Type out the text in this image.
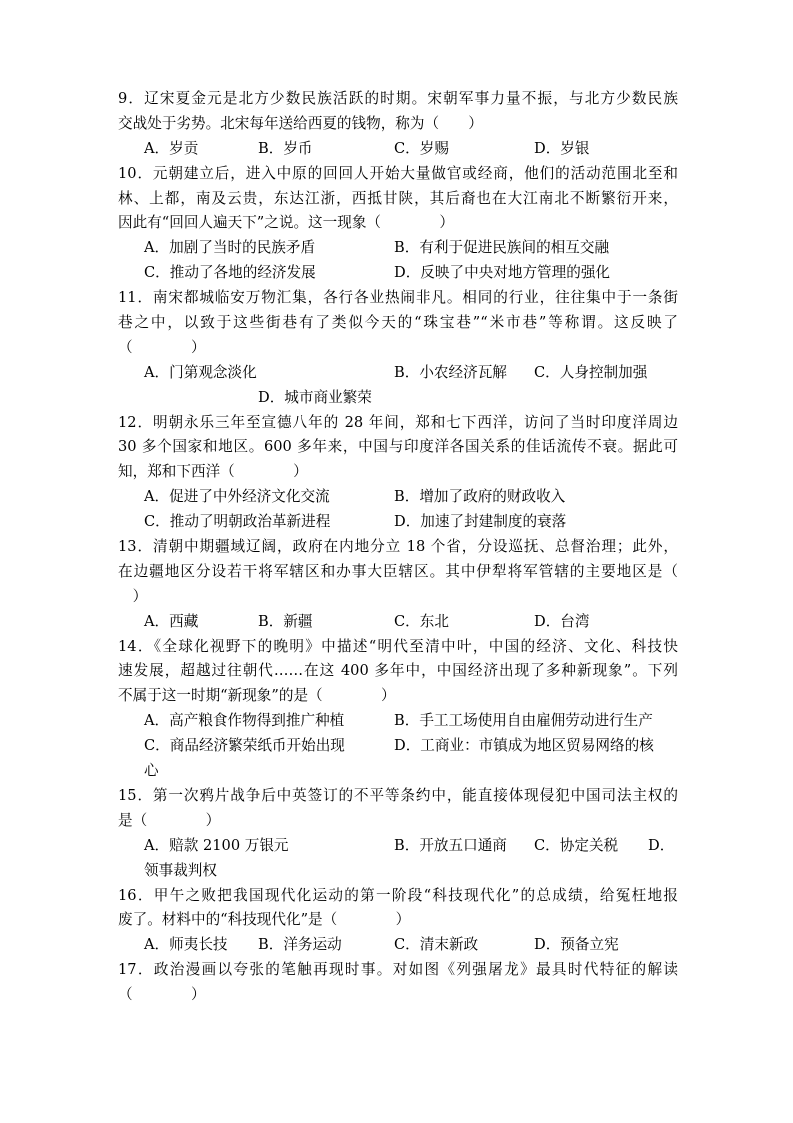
9．辽宋夏金元是北方少数民族活跃的时期。宋朝军事力量不振，与北方少数民族
交战处于劣势。北宋每年送给西夏的钱物，称为（　　）
A．岁贡	B．岁币	C．岁赐	D．岁银
10．元朝建立后，进入中原的回回人开始大量做官或经商，他们的活动范围北至和
林、上都，南及云贵，东达江浙，西抵甘陕，其后裔也在大江南北不断繁衍开来，
因此有“回回人遍天下”之说。这一现象（　　　　）
A．加剧了当时的民族矛盾	B．有利于促进民族间的相互交融
C．推动了各地的经济发展	D．反映了中央对地方管理的强化
11．南宋都城临安万物汇集，各行各业热闹非凡。相同的行业，往往集中于一条街
巷之中，以致于这些街巷有了类似今天的“珠宝巷”“米市巷”等称谓。这反映了
（　　　　）
A．门第观念淡化	B．小农经济瓦解 C．人身控制加强
D．城市商业繁荣
12．明朝永乐三年至宣德八年的 28 年间，郑和七下西洋，访问了当时印度洋周边
30 多个国家和地区。600 多年来，中国与印度洋各国关系的佳话流传不衰。据此可
知，郑和下西洋（　　　　）
A．促进了中外经济文化交流	B．增加了政府的财政收入
C．推动了明朝政治革新进程	D．加速了封建制度的衰落
13．清朝中期疆域辽阔，政府在内地分立 18 个省，分设巡抚、总督治理；此外，
在边疆地区分设若干将军辖区和办事大臣辖区。其中伊犁将军管辖的主要地区是（
　）
A．西藏	B．新疆	C．东北	D．台湾
14．《全球化视野下的晚明》中描述“明代至清中叶，中国的经济、文化、科技快
速发展，超越过往朝代……在这 400 多年中，中国经济出现了多种新现象”。下列
不属于这一时期“新现象”的是（　　　　）
A．高产粮食作物得到推广种植	B．手工工场使用自由雇佣劳动进行生产
C．商品经济繁荣纸币开始出现	D．工商业：市镇成为地区贸易网络的核
心
15．第一次鸦片战争后中英签订的不平等条约中，能直接体现侵犯中国司法主权的
是（　　　　）
A．赔款 2100 万银元	B．开放五口通商 C．协定关税 D．
领事裁判权
16．甲午之败把我国现代化运动的第一阶段“科技现代化”的总成绩，给冤枉地报
废了。材料中的“科技现代化”是（　　　　）
A．师夷长技 B．洋务运动	C．清末新政	D．预备立宪
17．政治漫画以夸张的笔触再现时事。对如图《列强屠龙》最具时代特征的解读
（　　　　）
